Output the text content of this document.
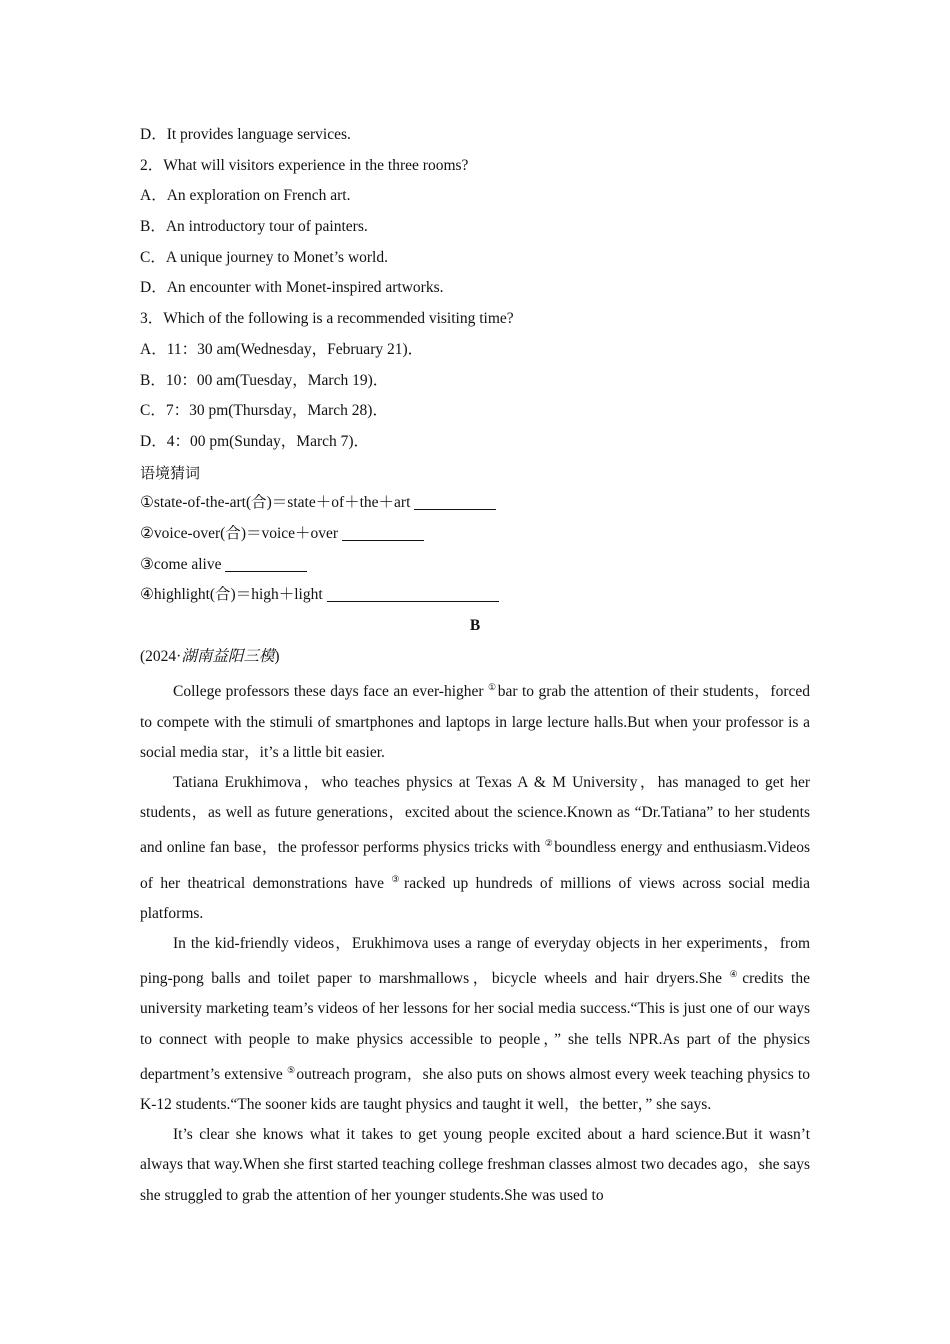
D．It provides language services.
2．What will visitors experience in the three rooms?
A．An exploration on French art.
B．An introductory tour of painters.
C．A unique journey to Monet’s world.
D．An encounter with Monet-inspired artworks.
3．Which of the following is a recommended visiting time?
A．11：30 am(Wednesday，February 21)．
B．10：00 am(Tuesday，March 19)．
C．7：30 pm(Thursday，March 28)．
D．4：00 pm(Sunday，March 7)．
语境猜词
①state-of-the-art(合)＝state＋of＋the＋art
②voice-over(合)＝voice＋over
③come alive
④highlight(合)＝high＋light
B
(2024·湖南益阳三模)

College professors these days face an ever-higher ①bar to grab the attention of their students，forced to compete with the stimuli of smartphones and laptops in large lecture halls.But when your professor is a social media star，it’s a little bit easier.

Tatiana Erukhimova，who teaches physics at Texas A & M University，has managed to get her students，as well as future generations，excited about the science.Known as “Dr.Tatiana” to her students and online fan base，the professor performs physics tricks with ②boundless energy and enthusiasm.Videos of her theatrical demonstrations have ③racked up hundreds of millions of views across social media platforms.

In the kid-friendly videos，Erukhimova uses a range of everyday objects in her experiments，from ping-pong balls and toilet paper to marshmallows，bicycle wheels and hair dryers.She ④credits the university marketing team’s videos of her lessons for her social media success.“This is just one of our ways to connect with people to make physics accessible to people，” she tells NPR.As part of the physics department’s extensive ⑤outreach program，she also puts on shows almost every week teaching physics to K-12 students.“The sooner kids are taught physics and taught it well，the better，” she says.

It’s clear she knows what it takes to get young people excited about a hard science.But it wasn’t always that way.When she first started teaching college freshman classes almost two decades ago，she says she struggled to grab the attention of her younger students.She was used to
